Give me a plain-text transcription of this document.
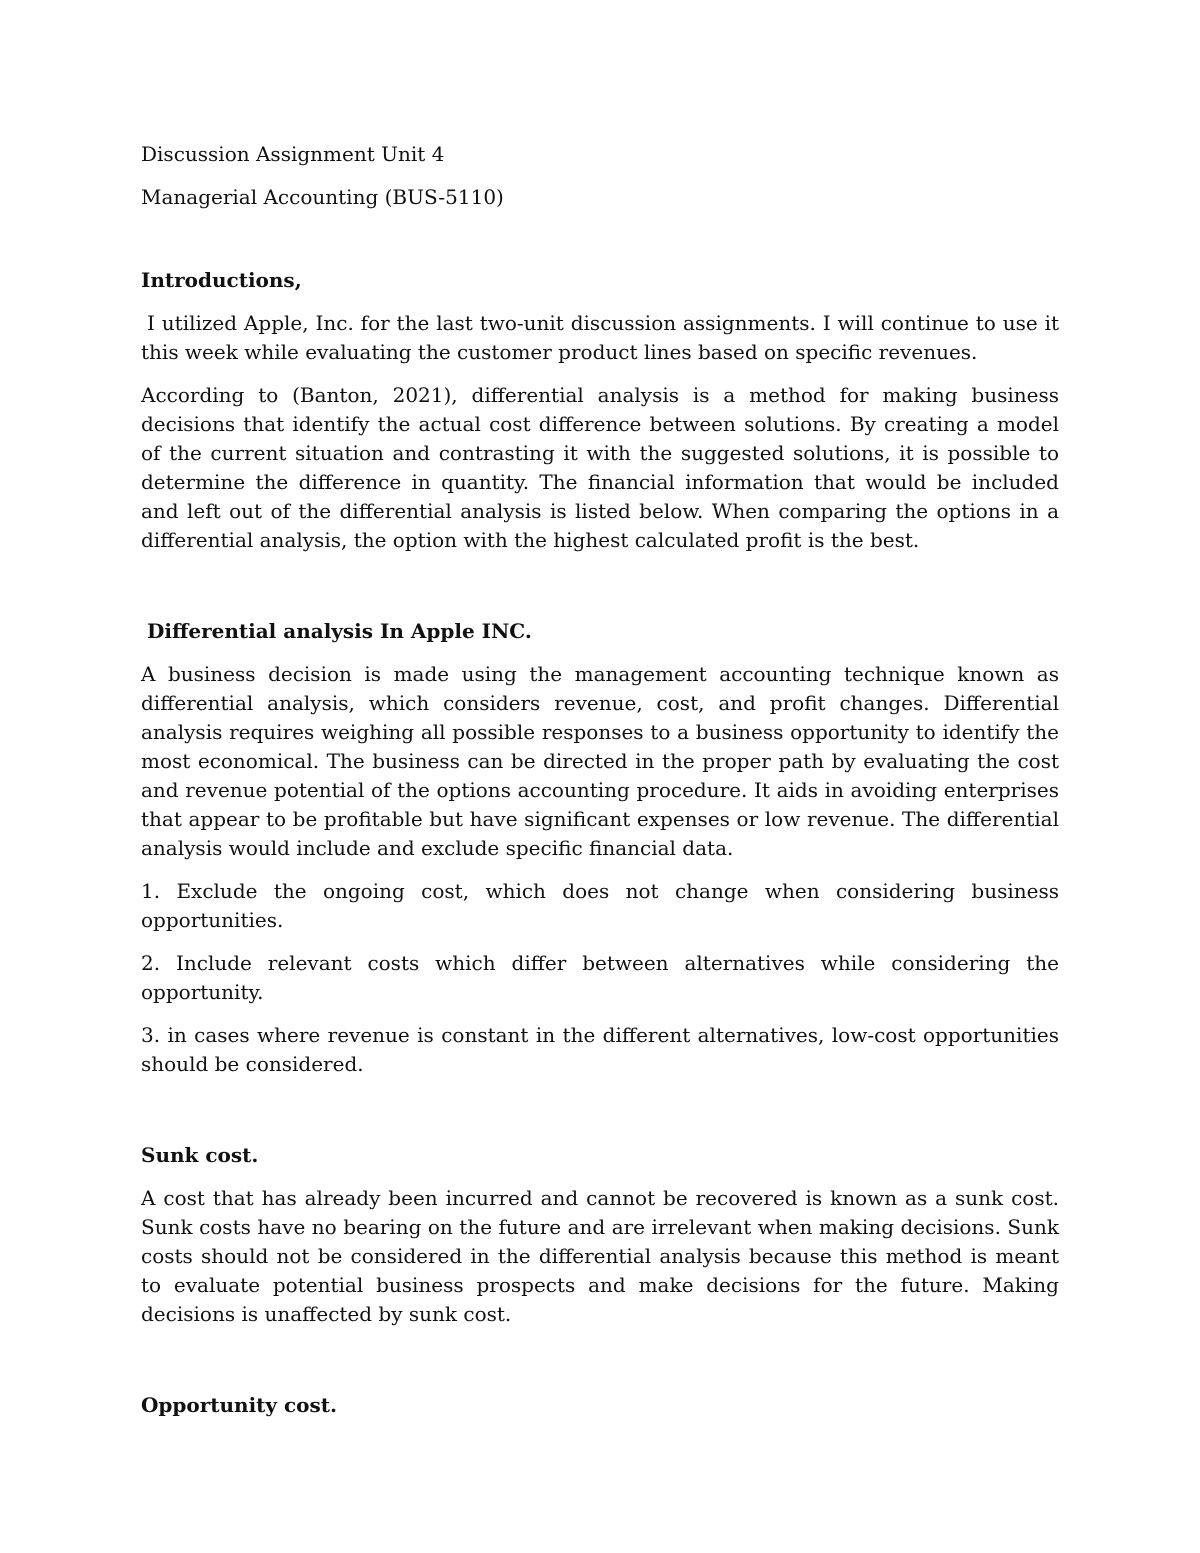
Discussion Assignment Unit 4
Managerial Accounting (BUS-5110)
Introductions,

I utilized Apple, Inc. for the last two-unit discussion assignments. I will continue to use it this week while evaluating the customer product lines based on specific revenues.

According to (Banton, 2021), differential analysis is a method for making business decisions that identify the actual cost difference between solutions. By creating a model of the current situation and contrasting it with the suggested solutions, it is possible to determine the difference in quantity. The financial information that would be included and left out of the differential analysis is listed below. When comparing the options in a differential analysis, the option with the highest calculated profit is the best.

Differential analysis In Apple INC.

A business decision is made using the management accounting technique known as differential analysis, which considers revenue, cost, and profit changes. Differential analysis requires weighing all possible responses to a business opportunity to identify the most economical. The business can be directed in the proper path by evaluating the cost and revenue potential of the options accounting procedure. It aids in avoiding enterprises that appear to be profitable but have significant expenses or low revenue. The differential analysis would include and exclude specific financial data.

1. Exclude the ongoing cost, which does not change when considering business opportunities.
2. Include relevant costs which differ between alternatives while considering the opportunity.
3. in cases where revenue is constant in the different alternatives, low-cost opportunities should be considered.
Sunk cost.

A cost that has already been incurred and cannot be recovered is known as a sunk cost. Sunk costs have no bearing on the future and are irrelevant when making decisions. Sunk costs should not be considered in the differential analysis because this method is meant to evaluate potential business prospects and make decisions for the future. Making decisions is unaffected by sunk cost.

Opportunity cost.
